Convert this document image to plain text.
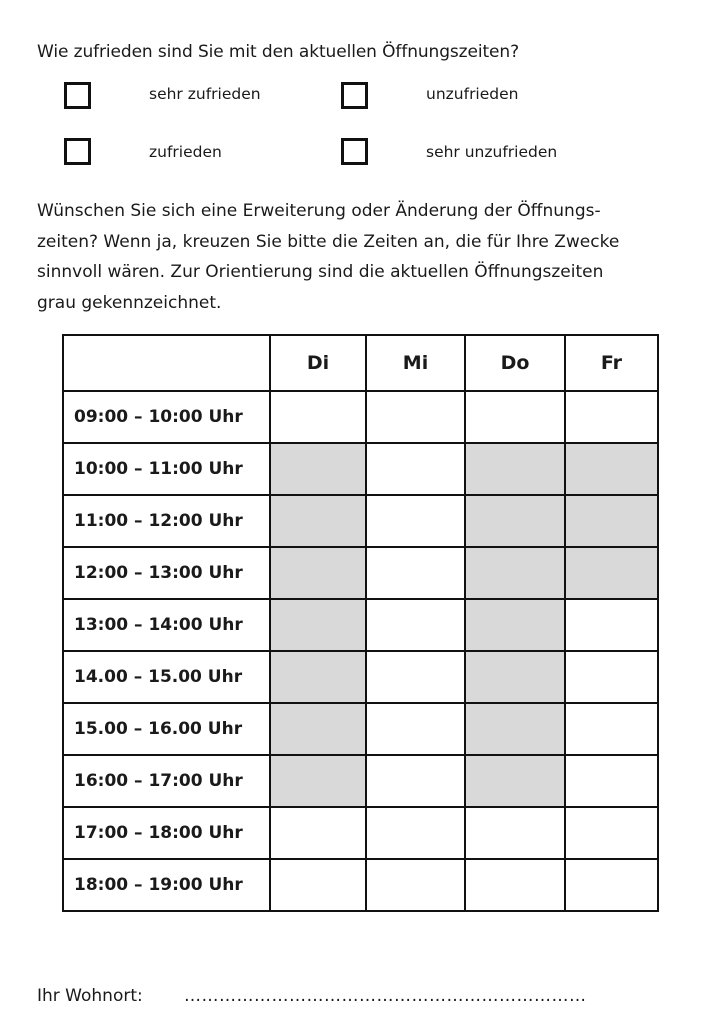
Wie zufrieden sind Sie mit den aktuellen Öffnungszeiten?
sehr zufrieden	unzufrieden
zufrieden	sehr unzufrieden
Wünschen Sie sich eine Erweiterung oder Änderung der Öffnungs-
zeiten? Wenn ja, kreuzen Sie bitte die Zeiten an, die für Ihre Zwecke
sinnvoll wären. Zur Orientierung sind die aktuellen Öffnungszeiten
grau gekennzeichnet.
	Di	Mi	Do	Fr
09:00 – 10:00 Uhr				
10:00 – 11:00 Uhr				
11:00 – 12:00 Uhr				
12:00 – 13:00 Uhr				
13:00 – 14:00 Uhr				
14.00 – 15.00 Uhr				
15.00 – 16.00 Uhr				
16:00 – 17:00 Uhr				
17:00 – 18:00 Uhr				
18:00 – 19:00 Uhr				
Ihr Wohnort: ……………………………………………………………
